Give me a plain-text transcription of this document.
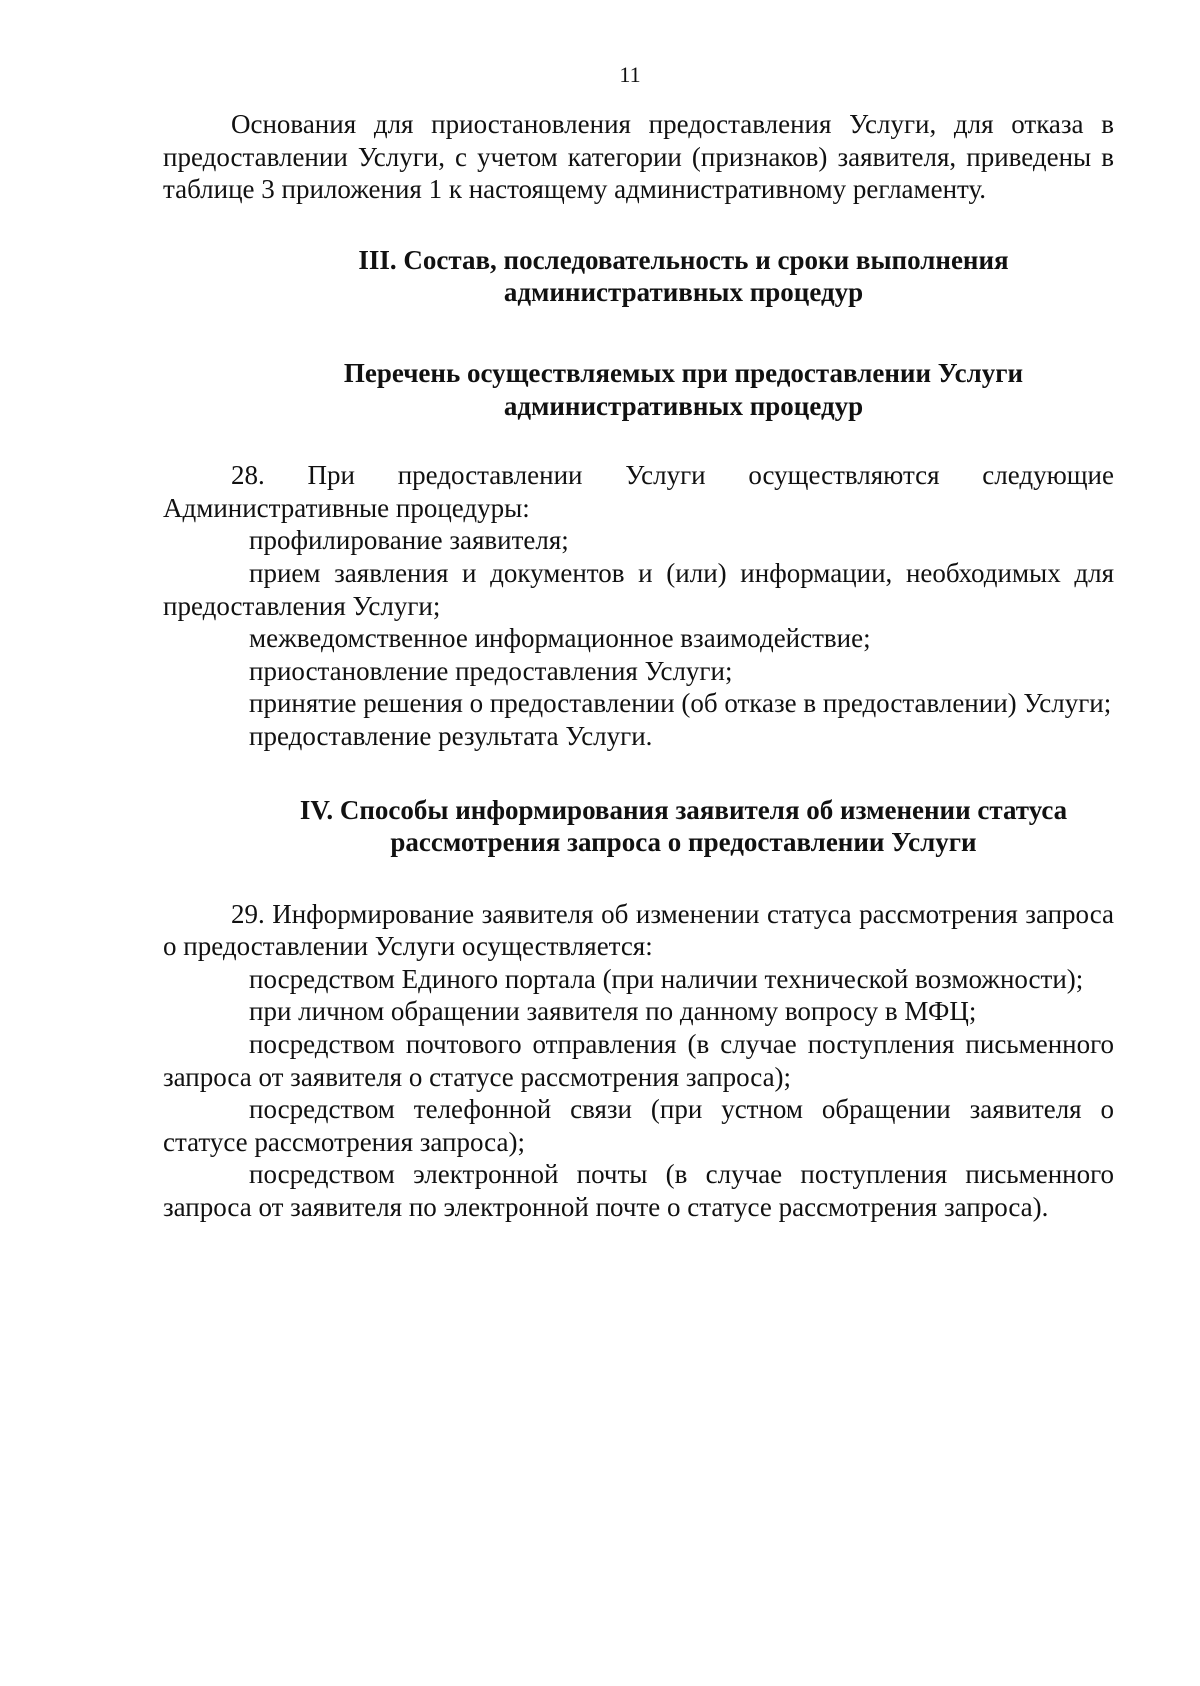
11

Основания для приостановления предоставления Услуги, для отказа в предоставлении Услуги, с учетом категории (признаков) заявителя, приведены в таблице 3 приложения 1 к настоящему административному регламенту.

III. Состав, последовательность и сроки выполнения
административных процедур
Перечень осуществляемых при предоставлении Услуги
административных процедур

28. При предоставлении Услуги осуществляются следующие Административные процедуры:

профилирование заявителя;

прием заявления и документов и (или) информации, необходимых для предоставления Услуги;

межведомственное информационное взаимодействие;

приостановление предоставления Услуги;

принятие решения о предоставлении (об отказе в предоставлении) Услуги;

предоставление результата Услуги.

IV. Способы информирования заявителя об изменении статуса
рассмотрения запроса о предоставлении Услуги

29. Информирование заявителя об изменении статуса рассмотрения запроса о предоставлении Услуги осуществляется:

посредством Единого портала (при наличии технической возможности);

при личном обращении заявителя по данному вопросу в МФЦ;

посредством почтового отправления (в случае поступления письменного запроса от заявителя о статусе рассмотрения запроса);

посредством телефонной связи (при устном обращении заявителя о статусе рассмотрения запроса);

посредством электронной почты (в случае поступления письменного запроса от заявителя по электронной почте о статусе рассмотрения запроса).
